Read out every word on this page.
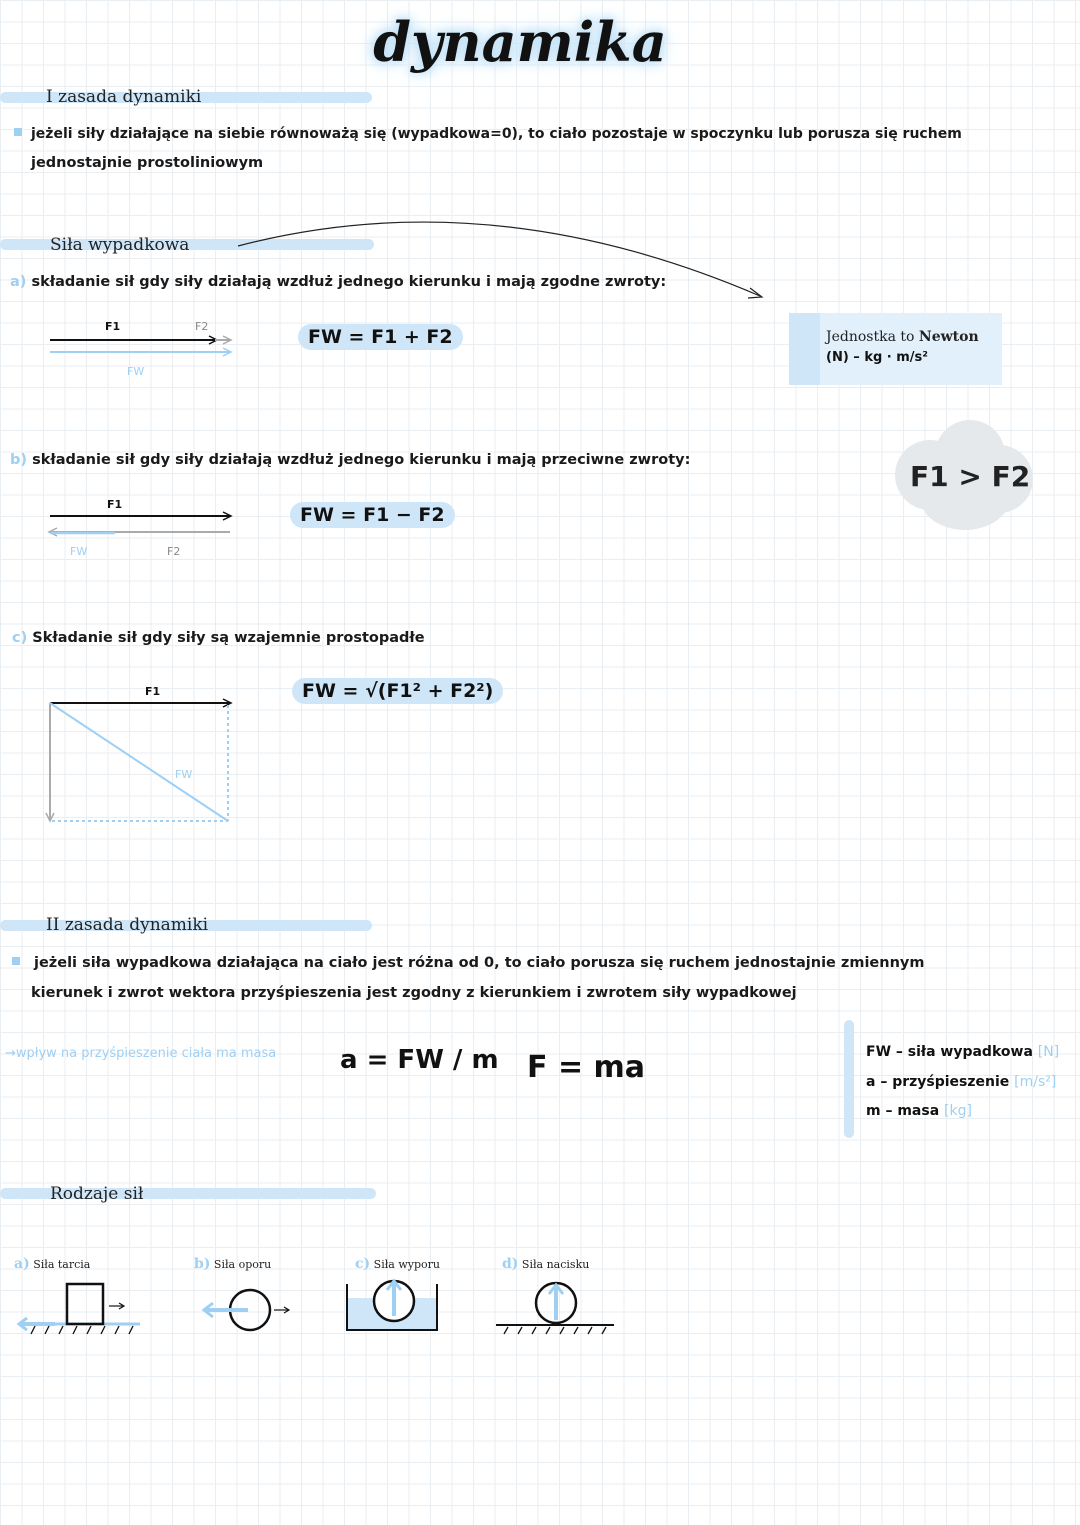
dynamika
I zasada dynamiki
jeżeli siły działające na siebie równoważą się (wypadkowa=0), to ciało pozostaje w spoczynku lub porusza się ruchem
jednostajnie prostoliniowym
Siła wypadkowa
a) składanie sił gdy siły działają wzdłuż jednego kierunku i mają zgodne zwroty:
F1	F2
FW
FW = F1 + F2	Jednostka to Newton
(N) – kg · m/s²
b) składanie sił gdy siły działają wzdłuż jednego kierunku i mają przeciwne zwroty:	F1 > F2
F1
FW	F2
FW = F1 − F2
c) Składanie sił gdy siły są wzajemnie prostopadłe
F1
FW
FW = √(F1² + F2²)
II zasada dynamiki
jeżeli siła wypadkowa działająca na ciało jest różna od 0, to ciało porusza się ruchem jednostajnie zmiennym
kierunek i zwrot wektora przyśpieszenia jest zgodny z kierunkiem i zwrotem siły wypadkowej
→wpływ na przyśpieszenie ciała ma masa a = FW / m F = ma	FW – siła wypadkowa [N]
a – przyśpieszenie [m/s²]
m – masa [kg]
Rodzaje sił
a) Siła tarcia	b) Siła oporu	c) Siła wyporu	d) Siła nacisku
